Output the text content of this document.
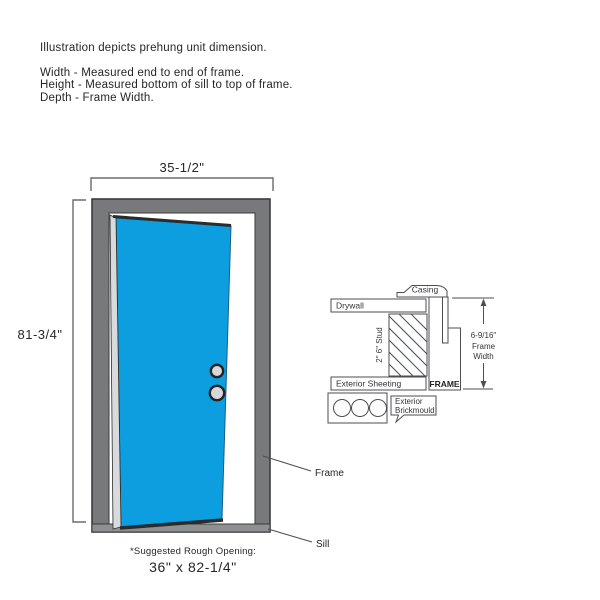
Illustration depicts prehung unit dimension.
Width - Measured end to end of frame.
Height - Measured bottom of sill to top of frame.
Depth - Frame Width.
35-1/2"
81-3/4"
Frame
Sill
Casing
Drywall
2" 6" Stud
Exterior Sheeting	FRAME
Exterior
Brickmould
6-9/16"
Frame
Width
*Suggested Rough Opening:
36" x 82-1/4"
